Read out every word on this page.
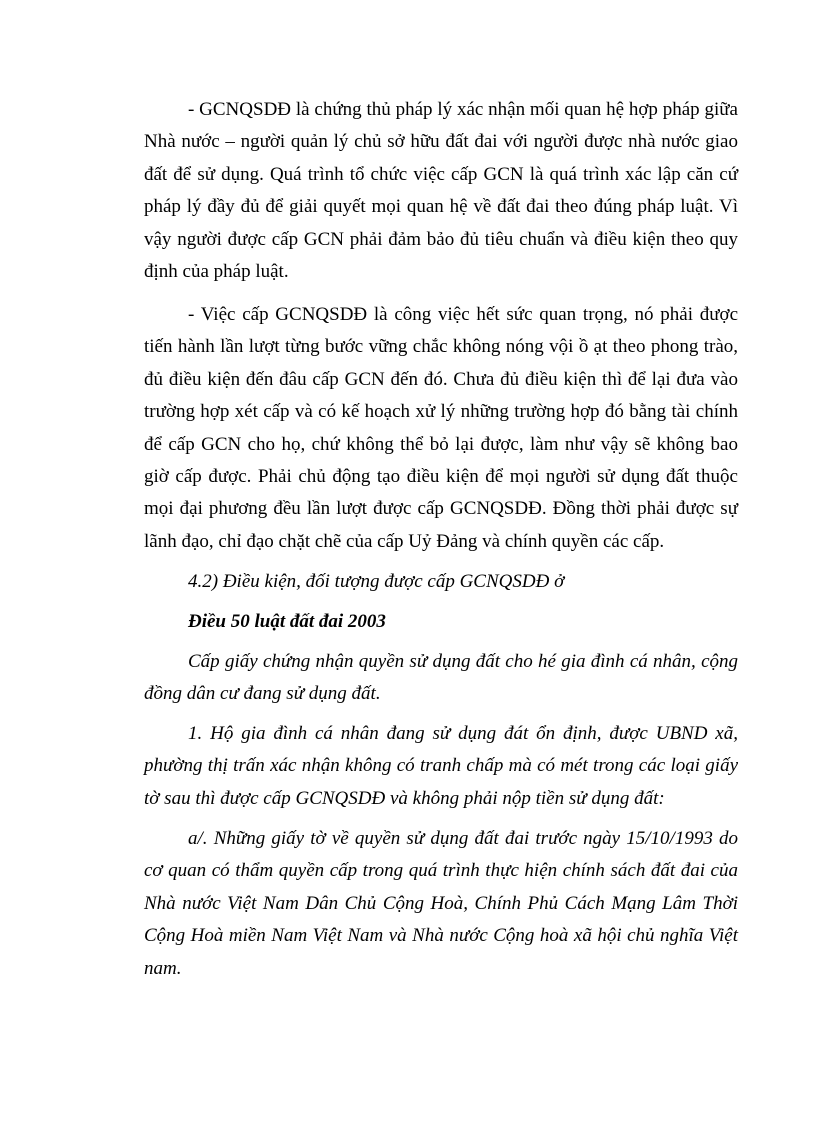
- GCNQSDĐ là chứng thủ pháp lý xác nhận mối quan hệ hợp pháp giữa Nhà nước – người quản lý chủ sở hữu đất đai với người được nhà nước giao đất để sử dụng. Quá trình tổ chức việc cấp GCN là quá trình xác lập căn cứ pháp lý đầy đủ để giải quyết mọi quan hệ về đất đai theo đúng pháp luật. Vì vậy người được cấp GCN phải đảm bảo đủ tiêu chuẩn và điều kiện theo quy định của pháp luật.

- Việc cấp GCNQSDĐ là công việc hết sức quan trọng, nó phải được tiến hành lần lượt từng bước vững chắc không nóng vội ồ ạt theo phong trào, đủ điều kiện đến đâu cấp GCN đến đó. Chưa đủ điều kiện thì để lại đưa vào trường hợp xét cấp và có kế hoạch xử lý những trường hợp đó bằng tài chính để cấp GCN cho họ, chứ không thể bỏ lại được, làm như vậy sẽ không bao giờ cấp được. Phải chủ động tạo điều kiện để mọi người sử dụng đất thuộc mọi đại phương đều lần lượt được cấp GCNQSDĐ. Đồng thời phải được sự lãnh đạo, chỉ đạo chặt chẽ của cấp Uỷ Đảng và chính quyền các cấp.

4.2) Điều kiện, đối tượng được cấp GCNQSDĐ ở

Điều 50 luật đất đai 2003

Cấp giấy chứng nhận quyền sử dụng đất cho hé gia đình cá nhân, cộng đồng dân cư đang sử dụng đất.

1. Hộ gia đình cá nhân đang sử dụng đát ổn định, được UBND xã, phường thị trấn xác nhận không có tranh chấp mà có mét trong các loại giấy tờ sau thì được cấp GCNQSDĐ và không phải nộp tiền sử dụng đất:

a/. Những giấy tờ về quyền sử dụng đất đai trước ngày 15/10/1993 do cơ quan có thẩm quyền cấp trong quá trình thực hiện chính sách đất đai của Nhà nước Việt Nam Dân Chủ Cộng Hoà, Chính Phủ Cách Mạng Lâm Thời Cộng Hoà miền Nam Việt Nam và Nhà nước Cộng hoà xã hội chủ nghĩa Việt nam.
